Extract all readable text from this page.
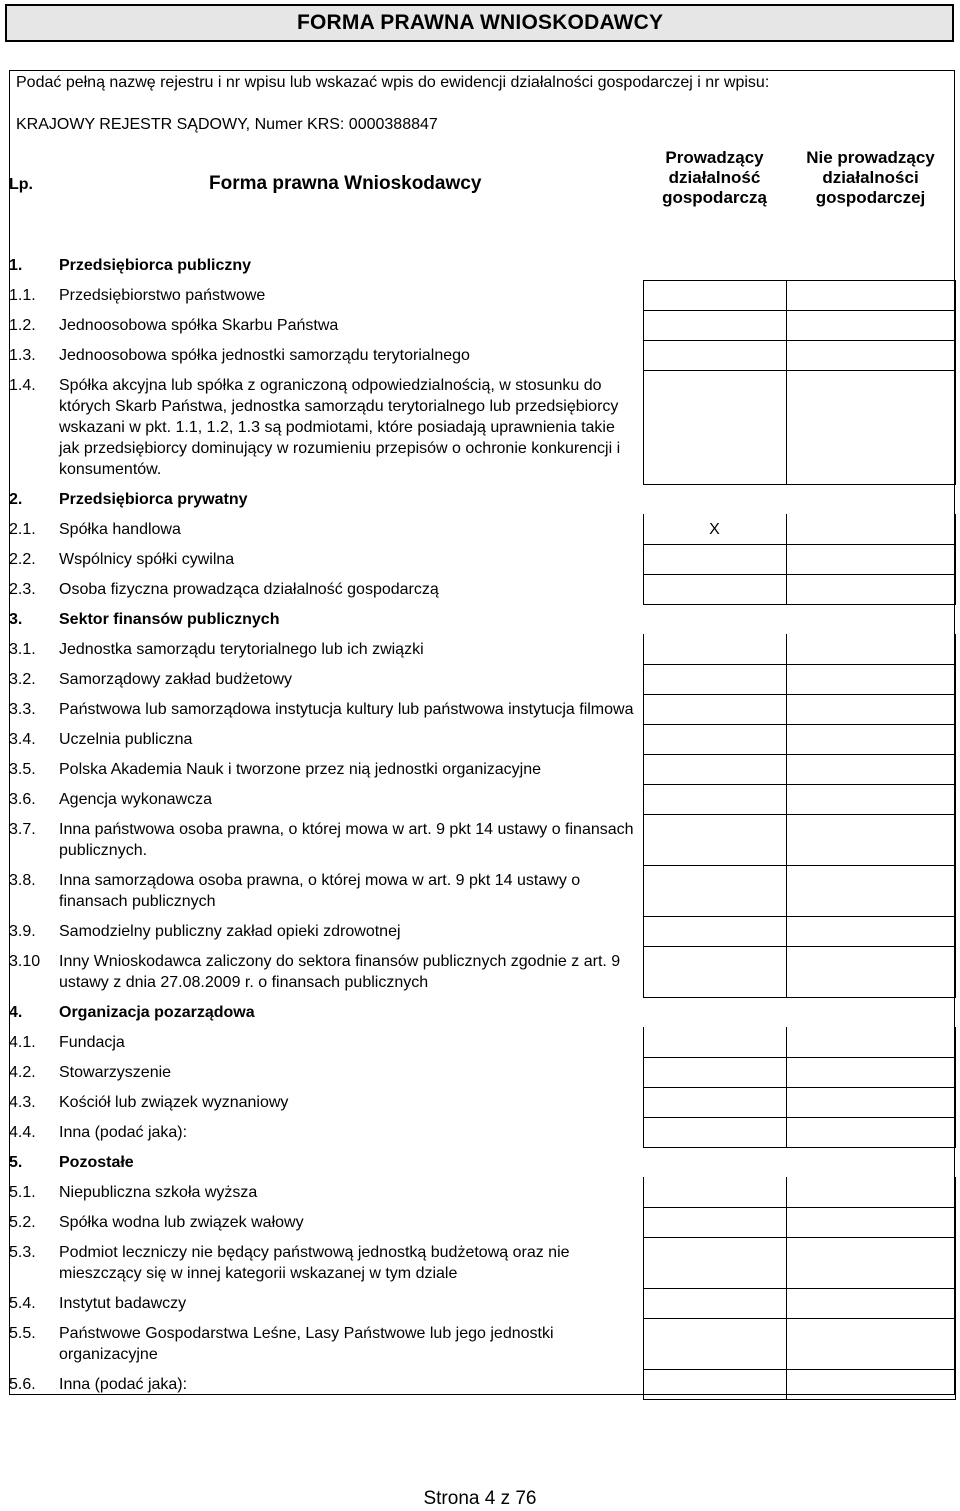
FORMA PRAWNA WNIOSKODAWCY
Podać pełną nazwę rejestru i nr wpisu lub wskazać wpis do ewidencji działalności gospodarczej i nr wpisu:
KRAJOWY REJESTR SĄDOWY, Numer KRS: 0000388847
Lp.	Forma prawna Wnioskodawcy	Prowadzący działalność gospodarczą	Nie prowadzący działalności gospodarczej
1.	Przedsiębiorca publiczny		
1.1.	Przedsiębiorstwo państwowe		
1.2.	Jednoosobowa spółka Skarbu Państwa		
1.3.	Jednoosobowa spółka jednostki samorządu terytorialnego		
1.4.	Spółka akcyjna lub spółka z ograniczoną odpowiedzialnością, w stosunku do których Skarb Państwa, jednostka samorządu terytorialnego lub przedsiębiorcy wskazani w pkt. 1.1, 1.2, 1.3 są podmiotami, które posiadają uprawnienia takie jak przedsiębiorcy dominujący w rozumieniu przepisów o ochronie konkurencji i konsumentów.		
2.	Przedsiębiorca prywatny		
2.1.	Spółka handlowa	X	
2.2.	Wspólnicy spółki cywilna		
2.3.	Osoba fizyczna prowadząca działalność gospodarczą		
3.	Sektor finansów publicznych		
3.1.	Jednostka samorządu terytorialnego lub ich związki		
3.2.	Samorządowy zakład budżetowy		
3.3.	Państwowa lub samorządowa instytucja kultury lub państwowa instytucja filmowa		
3.4.	Uczelnia publiczna		
3.5.	Polska Akademia Nauk i tworzone przez nią jednostki organizacyjne		
3.6.	Agencja wykonawcza		
3.7.	Inna państwowa osoba prawna, o której mowa w art. 9 pkt 14 ustawy o finansach publicznych.		
3.8.	Inna samorządowa osoba prawna, o której mowa w art. 9 pkt 14 ustawy o finansach publicznych		
3.9.	Samodzielny publiczny zakład opieki zdrowotnej		
3.10	Inny Wnioskodawca zaliczony do sektora finansów publicznych zgodnie z art. 9 ustawy z dnia 27.08.2009 r. o finansach publicznych		
4.	Organizacja pozarządowa		
4.1.	Fundacja		
4.2.	Stowarzyszenie		
4.3.	Kościół lub związek wyznaniowy		
4.4.	Inna (podać jaka):		
5.	Pozostałe		
5.1.	Niepubliczna szkoła wyższa		
5.2.	Spółka wodna lub związek wałowy		
5.3.	Podmiot leczniczy nie będący państwową jednostką budżetową oraz nie mieszczący się w innej kategorii wskazanej w tym dziale		
5.4.	Instytut badawczy		
5.5.	Państwowe Gospodarstwa Leśne, Lasy Państwowe lub jego jednostki organizacyjne		
5.6.	Inna (podać jaka):		
Strona 4 z 76
